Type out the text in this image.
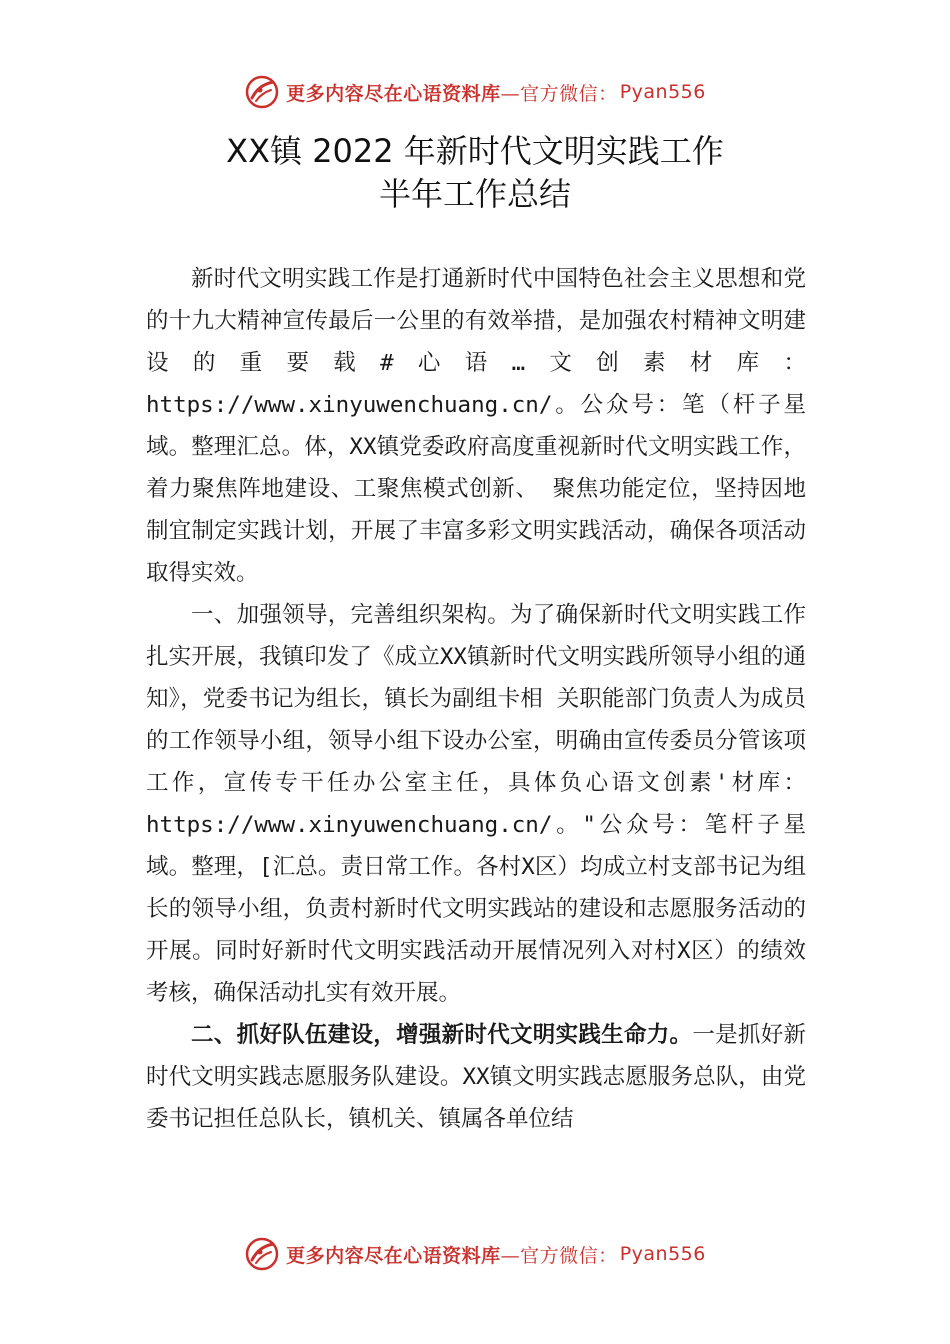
更多内容尽在心语资料库 —官方微信： Pyan556
XX镇 2022 年新时代文明实践工作
半年工作总结

新时代文明实践工作是打通新时代中国特色社会主义思想和党的十九大精神宣传最后一公里的有效举措，是加强农村精神文明建设的重要载#心语…文创素材库：https://www.xinyuwenchuang.cn/。公众号：笔（杆子星域。整理汇总。体，XX镇党委政府高度重视新时代文明实践工作，着力聚焦阵地建设、工聚焦模式创新、 聚焦功能定位，坚持因地制宜制定实践计划，开展了丰富多彩文明实践活动，确保各项活动取得实效。

一、加强领导，完善组织架构。为了确保新时代文明实践工作扎实开展，我镇印发了《成立XX镇新时代文明实践所领导小组的通知》，党委书记为组长，镇长为副组卡相 关职能部门负责人为成员的工作领导小组，领导小组下设办公室，明确由宣传委员分管该项工作，宣传专干任办公室主任，具体负心语文创素'材库：https://www.xinyuwenchuang.cn/。"公众号：笔杆子星域。整理，[汇总。责日常工作。各村X区）均成立村支部书记为组长的领导小组，负责村新时代文明实践站的建设和志愿服务活动的开展。同时好新时代文明实践活动开展情况列入对村X区）的绩效考核，确保活动扎实有效开展。

二、抓好队伍建设，增强新时代文明实践生命力。一是抓好新时代文明实践志愿服务队建设。XX镇文明实践志愿服务总队，由党委书记担任总队长，镇机关、镇属各单位结

更多内容尽在心语资料库 —官方微信： Pyan556
